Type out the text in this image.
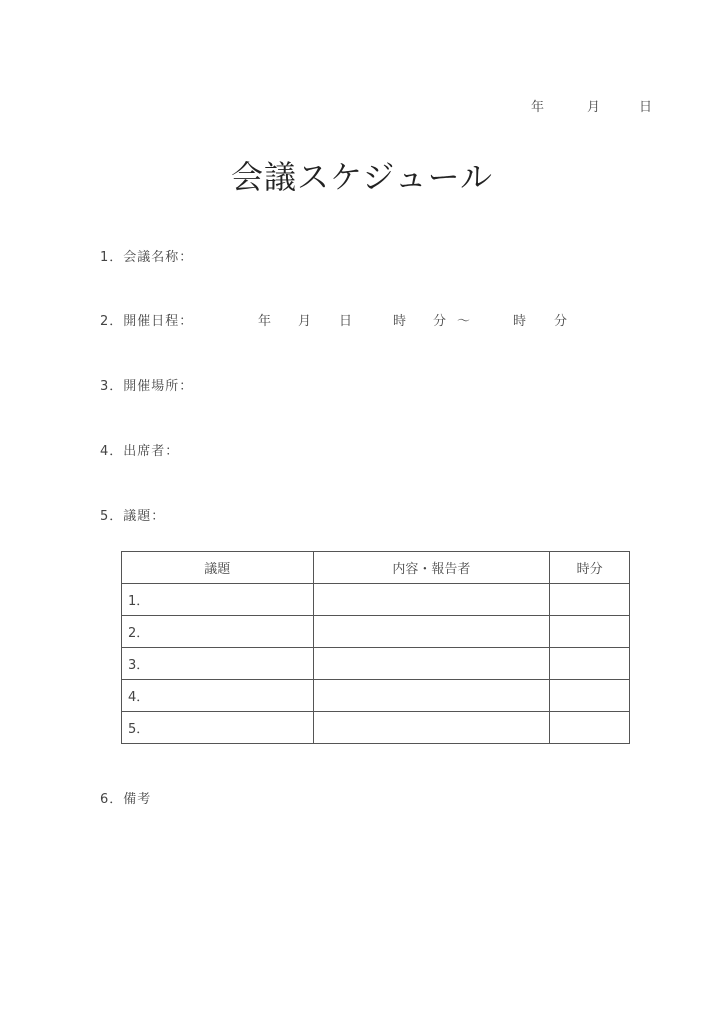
年	月	日
会議スケジュール
1．会議名称：
2．開催日程：	年 月 日	時 分 ～	時 分
3．開催場所：
4．出席者：
5．議題：
議題	内容・報告者	時分
1．		
2．		
3．		
4．		
5．		
6．備考
